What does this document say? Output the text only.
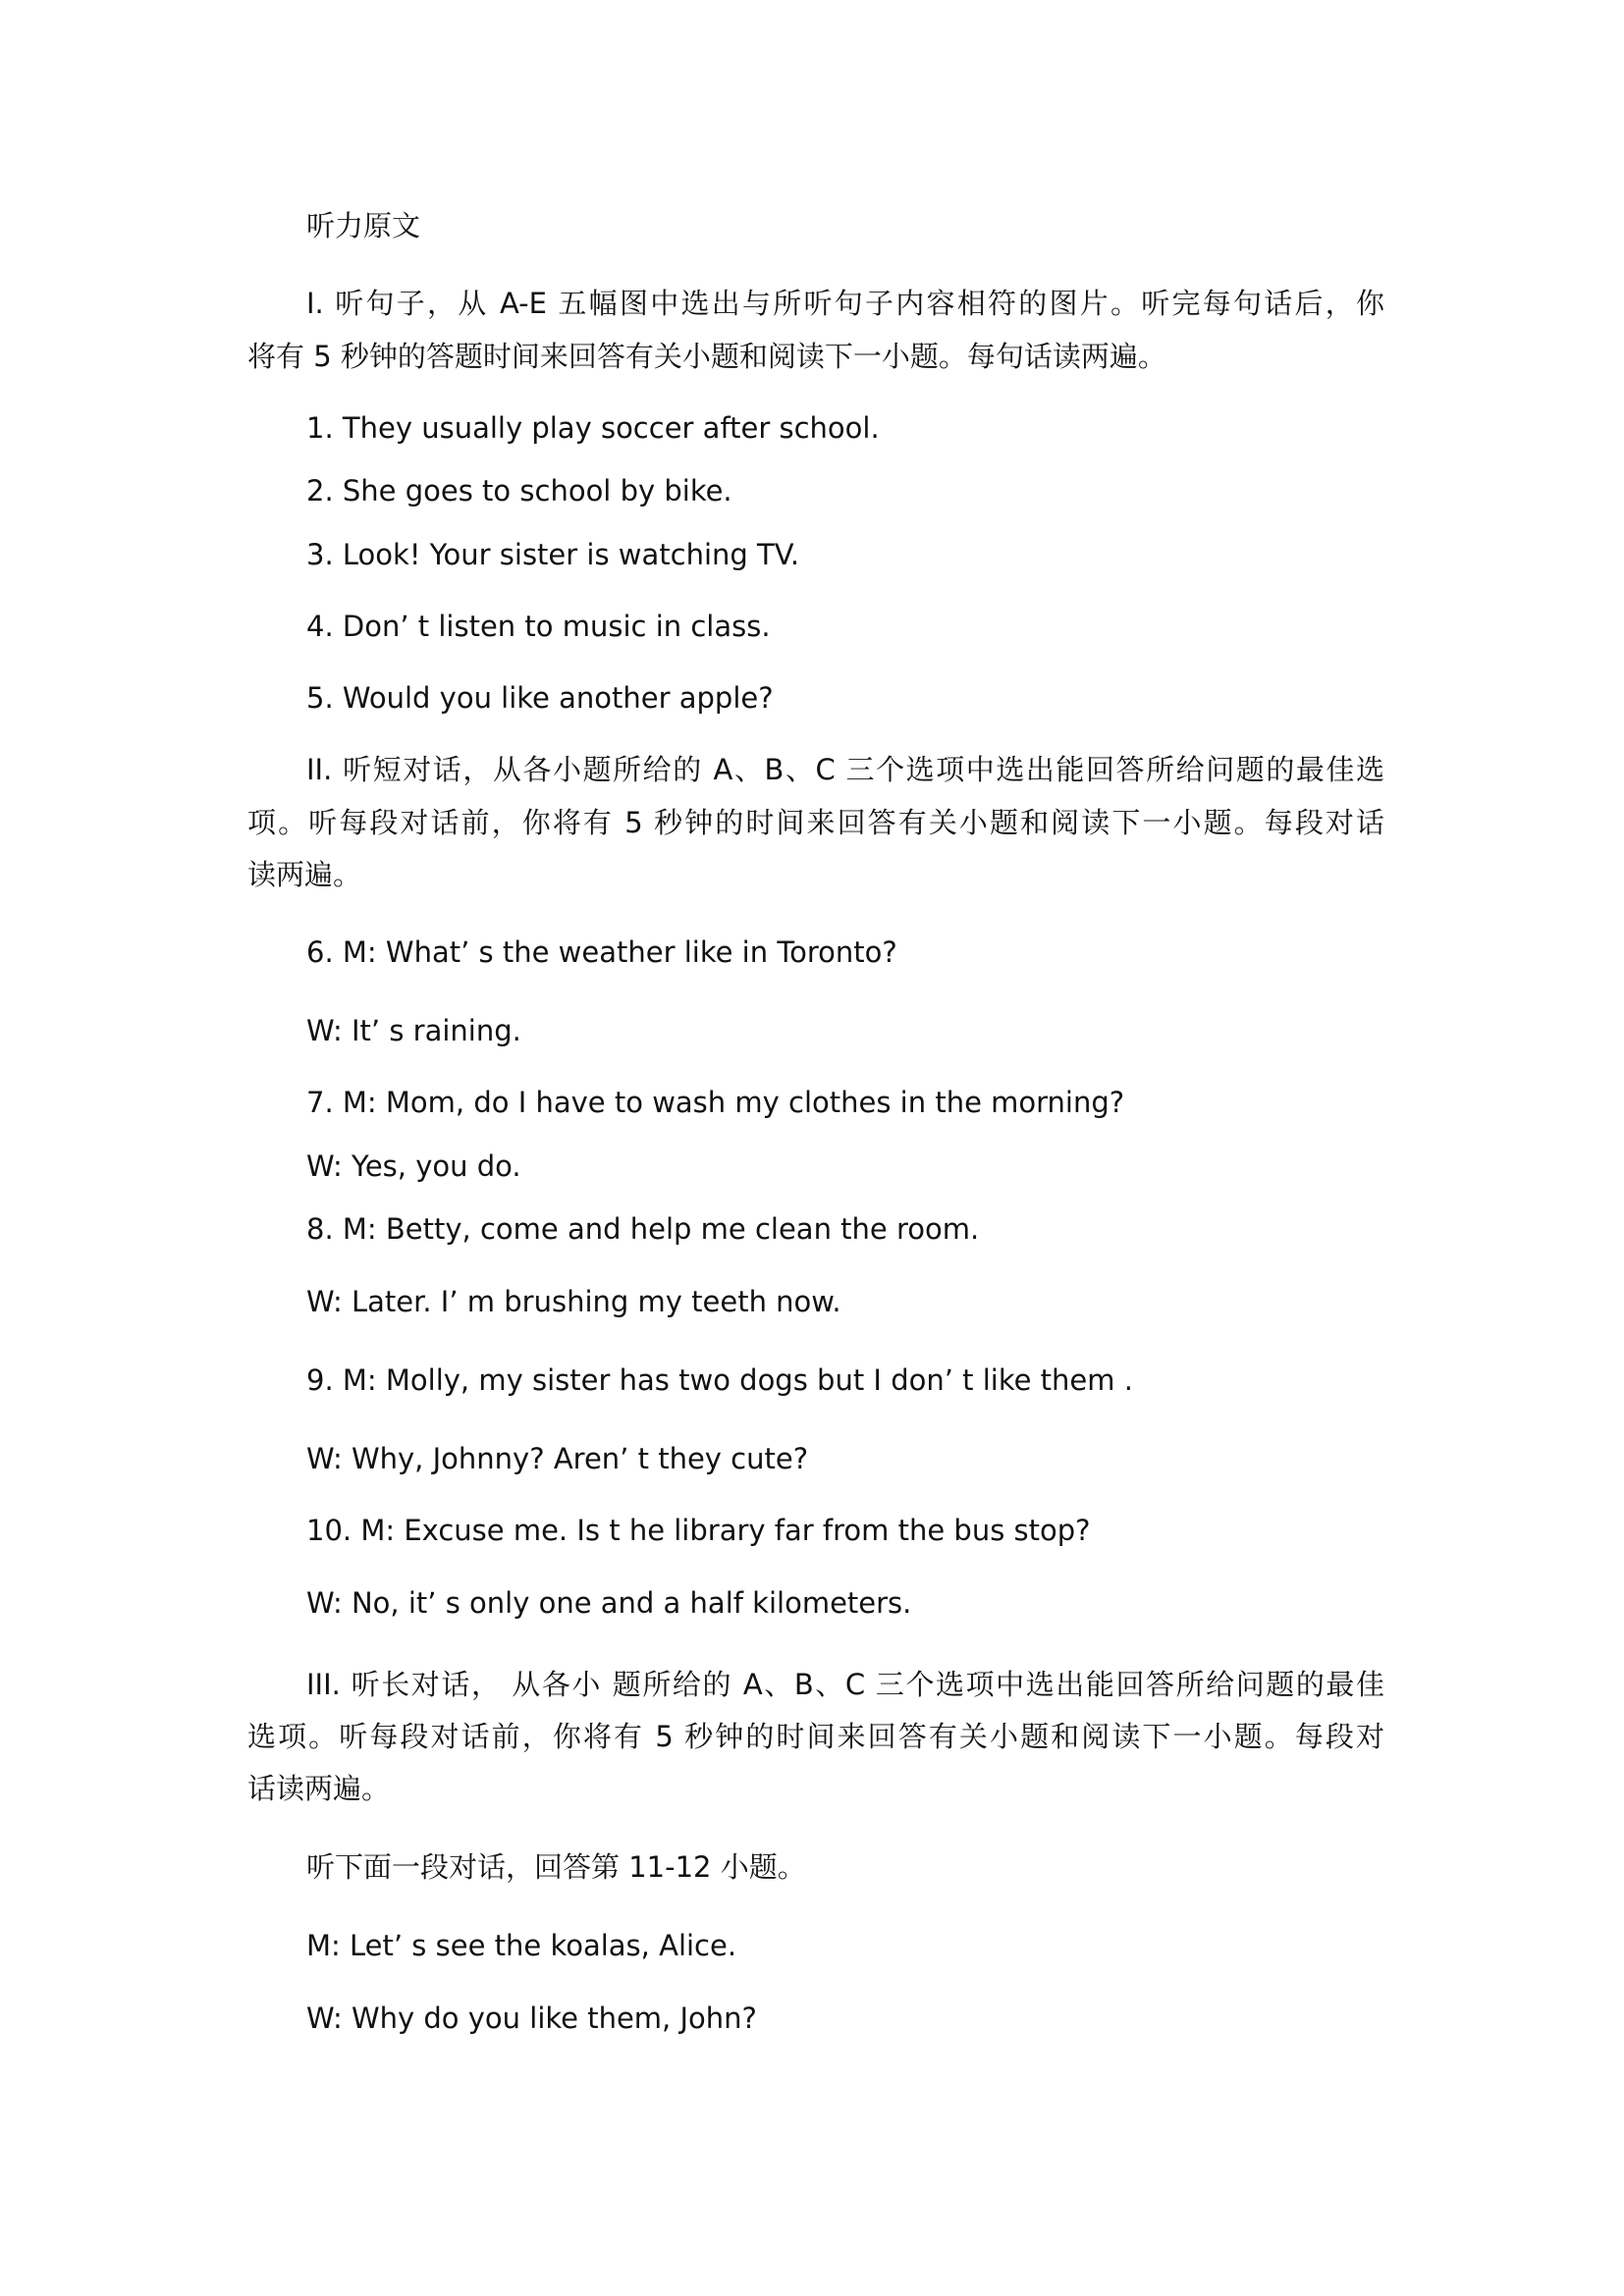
听力原文
I. 听句子，从 A-E 五幅图中选出与所听句子内容相符的图片。听完每句话后，你
将有 5 秒钟的答题时间来回答有关小题和阅读下一小题。每句话读两遍。
1. They usually play soccer after school.
2. She goes to school by bike.
3. Look! Your sister is watching TV.
4. Don’ t listen to music in class.
5. Would you like another apple?
II. 听短对话，从各小题所给的 A、B、C 三个选项中选出能回答所给问题的最佳选
项。听每段对话前，你将有 5 秒钟的时间来回答有关小题和阅读下一小题。每段对话
读两遍。
6. M: What’ s the weather like in Toronto?
W: It’ s raining.
7. M: Mom, do I have to wash my clothes in the morning?
W: Yes, you do.
8. M: Betty, come and help me clean the room.
W: Later. I’ m brushing my teeth now.
9. M: Molly, my sister has two dogs but I don’ t like them .
W: Why, Johnny? Aren’ t they cute?
10. M: Excuse me. Is t he library far from the bus stop?
W: No, it’ s only one and a half kilometers.
III. 听长对话， 从各小 题所给的 A、B、C 三个选项中选出能回答所给问题的最佳
选项。听每段对话前，你将有 5 秒钟的时间来回答有关小题和阅读下一小题。每段对
话读两遍。
听下面一段对话，回答第 11-12 小题。
M: Let’ s see the koalas, Alice.
W: Why do you like them, John?
